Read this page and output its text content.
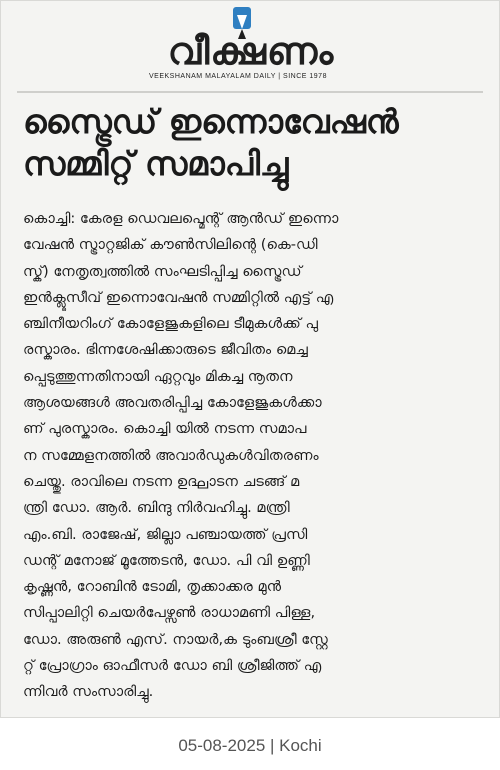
വീക്ഷണം
VEEKSHANAM MALAYALAM DAILY | SINCE 1978
സ്ട്രൈഡ് ഇന്നൊവേഷൻ
സമ്മിറ്റ് സമാപിച്ചു
കൊച്ചി: കേരള ഡെവലപ്മെന്റ് ആൻഡ് ഇന്നൊ
വേഷൻ സ്ട്രാറ്റജിക് കൗൺസിലിന്റെ (കെ-ഡി
സ്ക്) നേതൃത്വത്തിൽ സംഘടിപ്പിച്ച സ്ട്രൈഡ്
ഇൻക്ലൂസീവ് ഇന്നൊവേഷൻ സമ്മിറ്റിൽ എട്ട് എ
ഞ്ചിനീയറിംഗ് കോളേജുകളിലെ ടീമുകൾക്ക് പു
രസ്കാരം. ഭിന്നശേഷിക്കാരുടെ ജീവിതം മെച്ച
പ്പെടുത്തുന്നതിനായി ഏറ്റവും മികച്ച നൂതന
ആശയങ്ങൾ അവതരിപ്പിച്ച കോളേജുകൾക്കാ
ണ് പുരസ്കാരം. കൊച്ചി യിൽ നടന്ന സമാപ
ന സമ്മേളനത്തിൽ അവാർഡുകൾവിതരണം
ചെയ്തു. രാവിലെ നടന്ന ഉദ്ഘാടന ചടങ്ങ് മ
ന്ത്രി ഡോ. ആർ. ബിന്ദു നിർവഹിച്ചു. മന്ത്രി
എം.ബി. രാജേഷ്, ജില്ലാ പഞ്ചായത്ത് പ്രസി
ഡന്റ് മനോജ് മൂത്തേടൻ, ഡോ. പി വി ഉണ്ണി
കൃഷ്ണൻ, റോബിൻ ടോമി, തൃക്കാക്കര മുൻ
സിപ്പാലിറ്റി ചെയർപേഴ്സൺ രാധാമണി പിള്ള,
ഡോ. അരുൺ എസ്. നായർ,ക ടുംബശ്രീ സ്റ്റേ
റ്റ് പ്രോഗ്രാം ഓഫീസർ ഡോ ബി ശ്രീജിത്ത് എ
ന്നിവർ സംസാരിച്ചു.
05-08-2025 | Kochi
